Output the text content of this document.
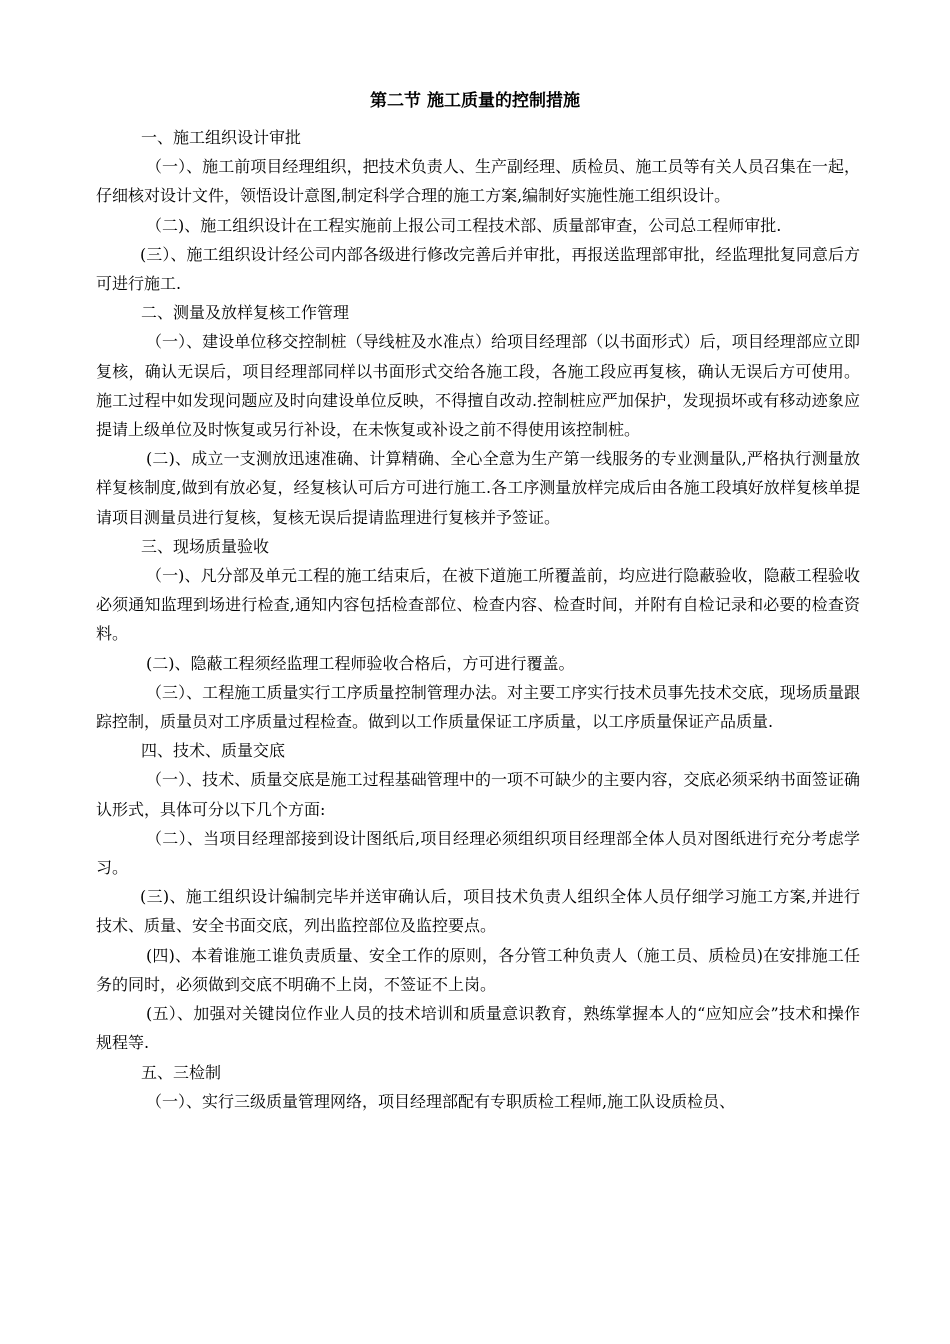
第二节 施工质量的控制措施

一、施工组织设计审批

（一）、施工前项目经理组织，把技术负责人、生产副经理、质检员、施工员等有关人员召集在一起，仔细核对设计文件，领悟设计意图,制定科学合理的施工方案,编制好实施性施工组织设计。

（二)、施工组织设计在工程实施前上报公司工程技术部、质量部审查，公司总工程师审批.

(三）、施工组织设计经公司内部各级进行修改完善后并审批，再报送监理部审批，经监理批复同意后方可进行施工.

二、测量及放样复核工作管理

（一）、建设单位移交控制桩（导线桩及水准点）给项目经理部（以书面形式）后，项目经理部应立即复核，确认无误后，项目经理部同样以书面形式交给各施工段，各施工段应再复核，确认无误后方可使用。施工过程中如发现问题应及时向建设单位反映，不得擅自改动.控制桩应严加保护，发现损坏或有移动迹象应提请上级单位及时恢复或另行补设，在未恢复或补设之前不得使用该控制桩。

(二)、成立一支测放迅速准确、计算精确、全心全意为生产第一线服务的专业测量队,严格执行测量放样复核制度,做到有放必复，经复核认可后方可进行施工.各工序测量放样完成后由各施工段填好放样复核单提请项目测量员进行复核，复核无误后提请监理进行复核并予签证。

三、现场质量验收

（一)、凡分部及单元工程的施工结束后，在被下道施工所覆盖前，均应进行隐蔽验收，隐蔽工程验收必须通知监理到场进行检查,通知内容包括检查部位、检查内容、检查时间，并附有自检记录和必要的检查资料。

(二)、隐蔽工程须经监理工程师验收合格后，方可进行覆盖。

（三）、工程施工质量实行工序质量控制管理办法。对主要工序实行技术员事先技术交底，现场质量跟踪控制，质量员对工序质量过程检查。做到以工作质量保证工序质量，以工序质量保证产品质量.

四、技术、质量交底

（一）、技术、质量交底是施工过程基础管理中的一项不可缺少的主要内容，交底必须采纳书面签证确认形式，具体可分以下几个方面:

（二）、当项目经理部接到设计图纸后,项目经理必须组织项目经理部全体人员对图纸进行充分考虑学习。

(三)、施工组织设计编制完毕并送审确认后，项目技术负责人组织全体人员仔细学习施工方案,并进行技术、质量、安全书面交底，列出监控部位及监控要点。

(四)、本着谁施工谁负责质量、安全工作的原则，各分管工种负责人（施工员、质检员)在安排施工任务的同时，必须做到交底不明确不上岗，不签证不上岗。

(五）、加强对关键岗位作业人员的技术培训和质量意识教育，熟练掌握本人的“应知应会”技术和操作规程等.

五、三检制

（一）、实行三级质量管理网络，项目经理部配有专职质检工程师,施工队设质检员、
